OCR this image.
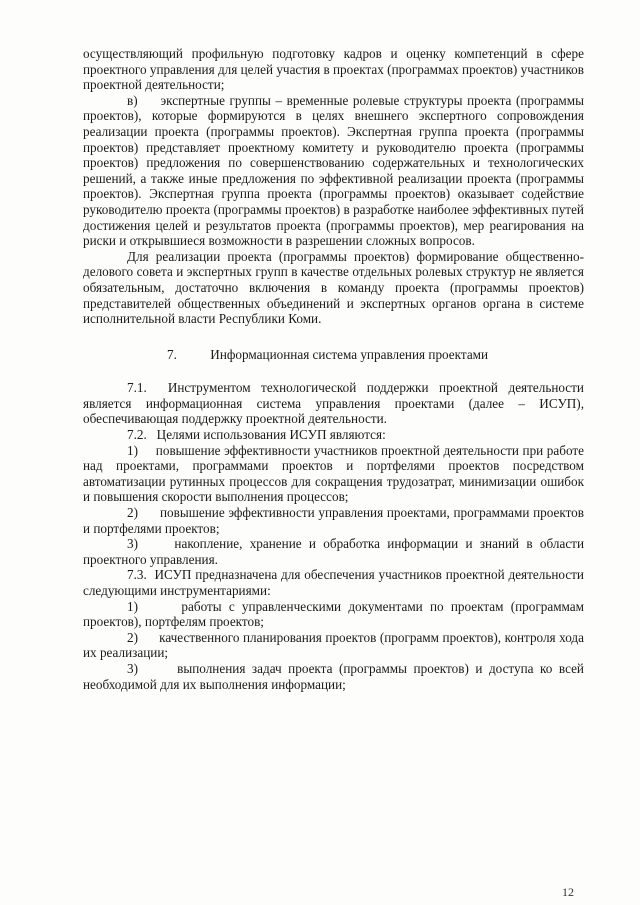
осуществляющий профильную подготовку кадров и оценку компетенций в сфере проектного управления для целей участия в проектах (программах проектов) участников проектной деятельности;

в)     экспертные группы – временные ролевые структуры проекта (программы проектов), которые формируются в целях внешнего экспертного сопровождения реализации проекта (программы проектов). Экспертная группа проекта (программы проектов) представляет проектному комитету и руководителю проекта (программы проектов) предложения по совершенствованию содержательных и технологических решений, а также иные предложения по эффективной реализации проекта (программы проектов). Экспертная группа проекта (программы проектов) оказывает содействие руководителю проекта (программы проектов) в разработке наиболее эффективных путей достижения целей и результатов проекта (программы проектов), мер реагирования на риски и открывшиеся возможности в разрешении сложных вопросов.

Для реализации проекта (программы проектов) формирование общественно-делового совета и экспертных групп в качестве отдельных ролевых структур не является обязательным, достаточно включения в команду проекта (программы проектов) представителей общественных объединений и экспертных органов органа в системе исполнительной власти Республики Коми.

7.	Информационная система управления проектами

7.1.  Инструментом технологической поддержки проектной деятельности является информационная система управления проектами (далее – ИСУП), обеспечивающая поддержку проектной деятельности.

7.2.   Целями использования ИСУП являются:

1)     повышение эффективности участников проектной деятельности при работе над проектами, программами проектов и портфелями проектов посредством автоматизации рутинных процессов для сокращения трудозатрат, минимизации ошибок и повышения скорости выполнения процессов;

2)      повышение эффективности управления проектами, программами проектов и портфелями проектов;

3)     накопление, хранение и обработка информации и знаний в области проектного управления.

7.3.  ИСУП предназначена для обеспечения участников проектной деятельности следующими инструментариями:

1)      работы с управленческими документами по проектам (программам проектов), портфелям проектов;

2)      качественного планирования проектов (программ проектов), контроля хода их реализации;

3)      выполнения задач проекта (программы проектов) и доступа ко всей необходимой для их выполнения информации;

12
